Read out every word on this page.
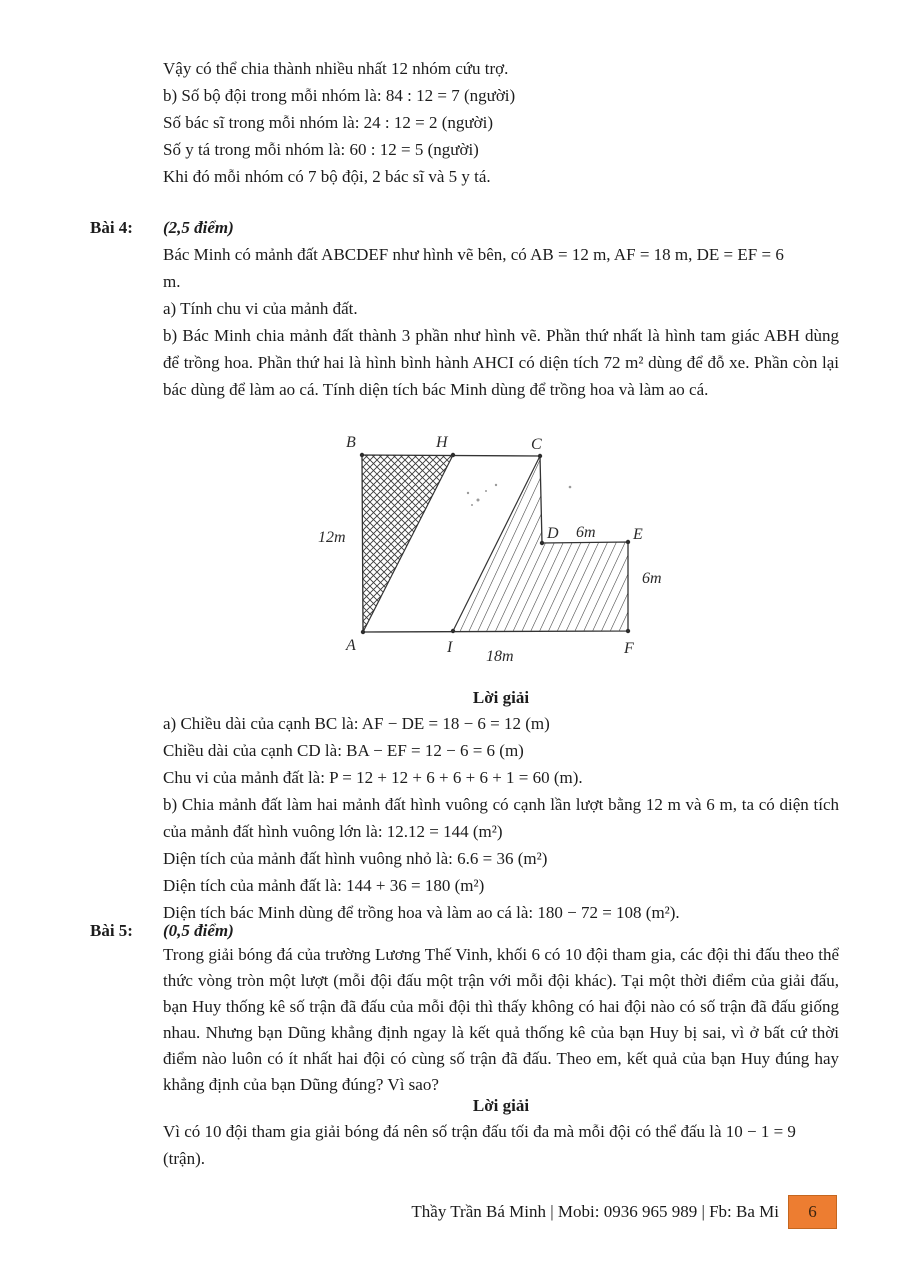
Vậy có thể chia thành nhiều nhất 12 nhóm cứu trợ.
b) Số bộ đội trong mỗi nhóm là: 84 : 12 = 7 (người)
Số bác sĩ trong mỗi nhóm là: 24 : 12 = 2 (người)
Số y tá trong mỗi nhóm là: 60 : 12 = 5 (người)
Khi đó mỗi nhóm có 7 bộ đội, 2 bác sĩ và 5 y tá.
Bài 4: (2,5 điểm)
Bác Minh có mảnh đất ABCDEF như hình vẽ bên, có AB = 12 m, AF = 18 m, DE = EF = 6
m.
a) Tính chu vi của mảnh đất.
b) Bác Minh chia mảnh đất thành 3 phần như hình vẽ. Phần thứ nhất là hình tam giác ABH dùng để trồng hoa. Phần thứ hai là hình bình hành AHCI có diện tích 72 m² dùng để đỗ xe. Phần còn lại bác dùng để làm ao cá. Tính diện tích bác Minh dùng để trồng hoa và làm ao cá.
B	H	C
D	E
F
A	I
12m	6m
6m
18m
Lời giải
a) Chiều dài của cạnh BC là: AF − DE = 18 − 6 = 12 (m)
Chiều dài của cạnh CD là: BA − EF = 12 − 6 = 6 (m)
Chu vi của mảnh đất là: P = 12 + 12 + 6 + 6 + 6 + 1 = 60 (m).
b) Chia mảnh đất làm hai mảnh đất hình vuông có cạnh lần lượt bằng 12 m và 6 m, ta có diện tích của mảnh đất hình vuông lớn là: 12.12 = 144 (m²)
Diện tích của mảnh đất hình vuông nhỏ là: 6.6 = 36 (m²)
Diện tích của mảnh đất là: 144 + 36 = 180 (m²)
Diện tích bác Minh dùng để trồng hoa và làm ao cá là: 180 − 72 = 108 (m²).
Bài 5: (0,5 điểm)
Trong giải bóng đá của trường Lương Thế Vinh, khối 6 có 10 đội tham gia, các đội thi đấu theo thể thức vòng tròn một lượt (mỗi đội đấu một trận với mỗi đội khác). Tại một thời điểm của giải đấu, bạn Huy thống kê số trận đã đấu của mỗi đội thì thấy không có hai đội nào có số trận đã đấu giống nhau. Nhưng bạn Dũng khẳng định ngay là kết quả thống kê của bạn Huy bị sai, vì ở bất cứ thời điểm nào luôn có ít nhất hai đội có cùng số trận đã đấu. Theo em, kết quả của bạn Huy đúng hay khẳng định của bạn Dũng đúng? Vì sao?
Lời giải
Vì có 10 đội tham gia giải bóng đá nên số trận đấu tối đa mà mỗi đội có thể đấu là 10 − 1 = 9
(trận).
Thầy Trần Bá Minh | Mobi: 0936 965 989 | Fb: Ba Mi	6
